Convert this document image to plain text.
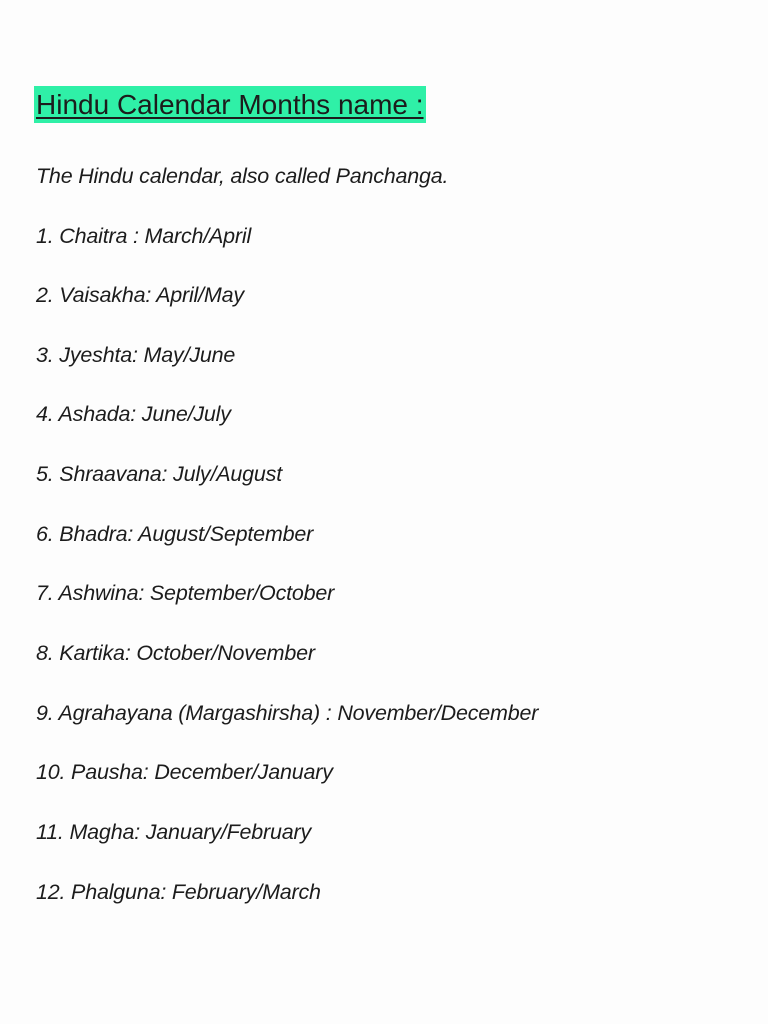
Hindu Calendar Months name :
The Hindu calendar, also called Panchanga.
1. Chaitra : March/April
2. Vaisakha: April/May
3. Jyeshta: May/June
4. Ashada: June/July
5. Shraavana: July/August
6. Bhadra: August/September
7. Ashwina: September/October
8. Kartika: October/November
9. Agrahayana (Margashirsha) : November/December
10. Pausha: December/January
11. Magha: January/February
12. Phalguna: February/March
